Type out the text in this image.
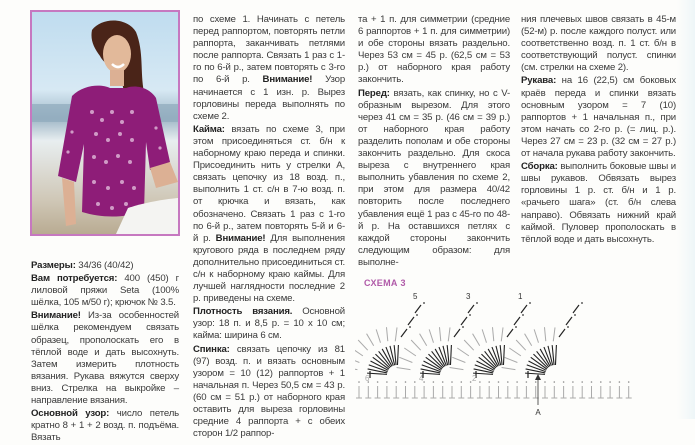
Размеры: 34/36 (40/42)

Вам потребуется: 400 (450) г лиловой пряжи Seta (100% шёлка, 105 м/50 г); крючок № 3.5.

Внимание! Из-за особенностей шёлка рекомендуем связать образец, прополоскать его в тёплой воде и дать высохнуть. Затем измерить плотность вязания. Рукава вяжутся сверху вниз. Стрелка на выкройке – направление вязания.

Основной узор: число петель кратно 8 + 1 + 2 возд. п. подъёма. Вязать

по схеме 1. Начинать с петель перед раппортом, повторять петли раппорта, заканчивать петлями после раппорта. Связать 1 раз с 1-го по 6-й р., затем повторять с 3-го по 6-й р. Внимание! Узор начинается с 1 изн. р. Вырез горловины переда выполнять по схеме 2.

Кайма: вязать по схеме 3, при этом присоединяться ст. б/н к наборному краю переда и спинки. Присоединить нить у стрелки А, связать цепочку из 18 возд. п., выполнить 1 ст. с/н в 7-ю возд. п. от крючка и вязать, как обозначено. Связать 1 раз с 1-го по 6-й р., затем повторять 5-й и 6-й р. Внимание! Для выполнения кругового ряда в последнем ряду дополнительно присоединиться ст. с/н к наборному краю каймы. Для лучшей наглядности последние 2 р. приведены на схеме.

Плотность вязания. Основной узор: 18 п. и 8,5 р. = 10 х 10 см; кайма: ширина 6 см.

Спинка: связать цепочку из 81 (97) возд. п. и вязать основным узором = 10 (12) раппортов + 1 начальная п. Через 50,5 см = 43 р. (60 см = 51 р.) от наборного края оставить для выреза горловины средние 4 раппорта + с обеих сторон 1/2 раппор-

та + 1 п. для симметрии (средние 6 раппортов + 1 п. для симметрии) и обе стороны вязать раздельно. Через 53 см = 45 р. (62,5 см = 53 р.) от наборного края работу закончить.

Перед: вязать, как спинку, но с V-образным вырезом. Для этого через 41 см = 35 р. (46 см = 39 р.) от наборного края работу разделить пополам и обе стороны закончить раздельно. Для скоса выреза с внутреннего края выполнить убавления по схеме 2, при этом для размера 40/42 повторить после последнего убавления ещё 1 раз с 45-го по 48-й р. На оставшихся петлях с каждой стороны закончить следующим образом: для выполне-

ния плечевых швов связать в 45-м (52-м) р. после каждого полуст. или соответственно возд. п. 1 ст. б/н в соответствующий полуст. спинки (см. стрелки на схеме 2).

Рукава: на 16 (22,5) см боковых краёв переда и спинки вязать основным узором = 7 (10) раппортов + 1 начальная п., при этом начать со 2-го р. (= лиц. р.). Через 27 см = 23 р. (32 см = 27 р.) от начала рукава работу закончить.

Сборка: выполнить боковые швы и швы рукавов. Обвязать вырез горловины 1 р. ст. б/н и 1 р. «рачьего шага» (ст. б/н слева направо). Обвязать нижний край каймой. Пуловер прополоскать в тёплой воде и дать высохнуть.

СХЕМА 3
5	3	1
6	4	2
A
